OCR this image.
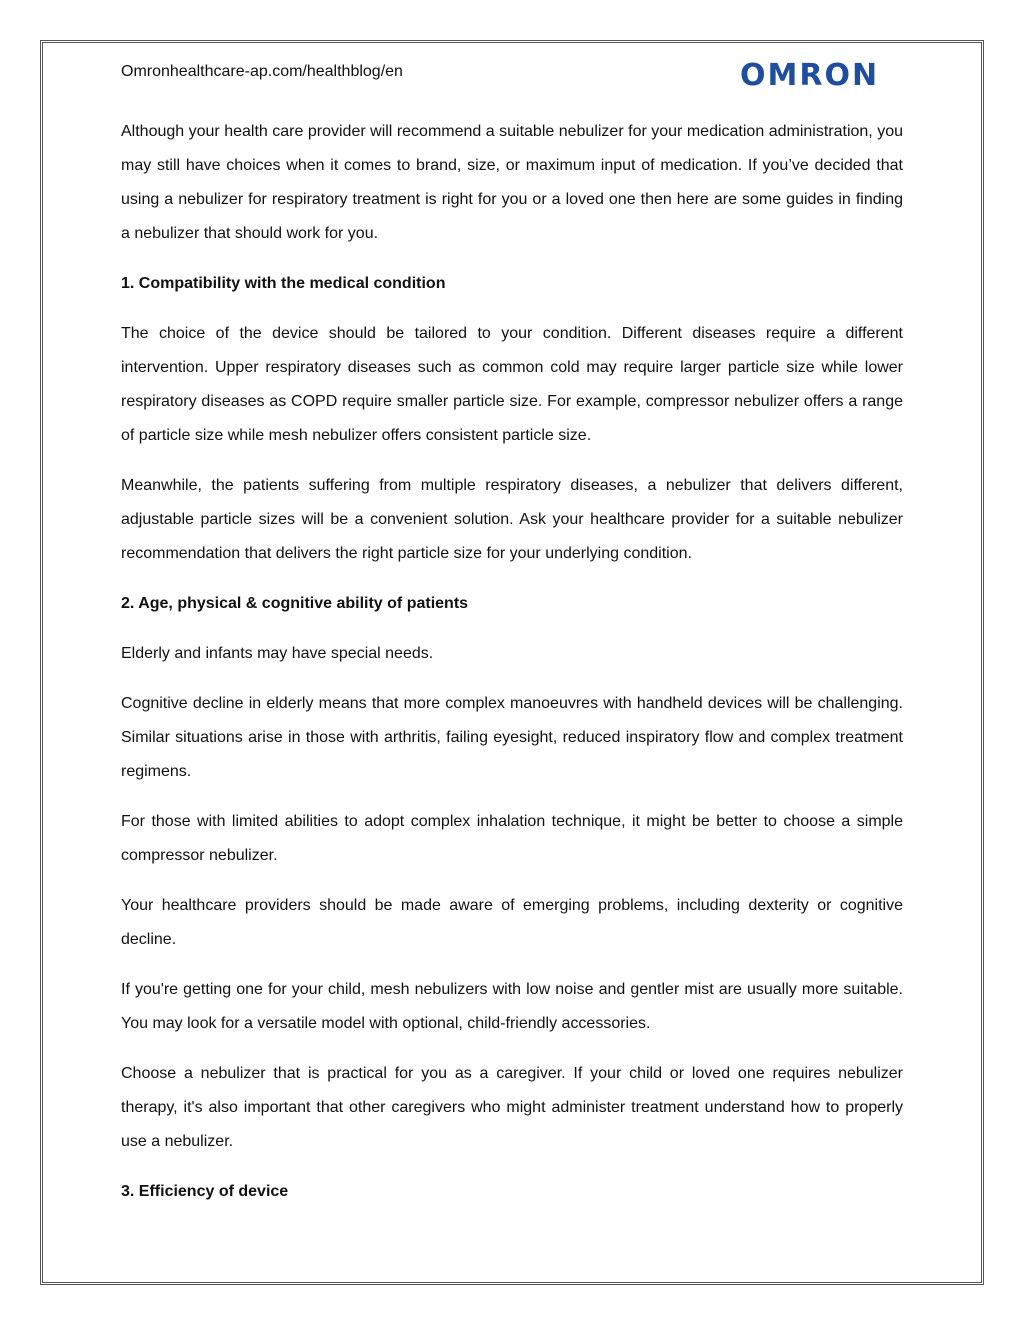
Omronhealthcare-ap.com/healthblog/en	OMRON

Although your health care provider will recommend a suitable nebulizer for your medication administration, you may still have choices when it comes to brand, size, or maximum input of medication. If you’ve decided that using a nebulizer for respiratory treatment is right for you or a loved one then here are some guides in finding a nebulizer that should work for you.

1. Compatibility with the medical condition

The choice of the device should be tailored to your condition. Different diseases require a different intervention. Upper respiratory diseases such as common cold may require larger particle size while lower respiratory diseases as COPD require smaller particle size. For example, compressor nebulizer offers a range of particle size while mesh nebulizer offers consistent particle size.

Meanwhile, the patients suffering from multiple respiratory diseases, a nebulizer that delivers different, adjustable particle sizes will be a convenient solution. Ask your healthcare provider for a suitable nebulizer recommendation that delivers the right particle size for your underlying condition.

2. Age, physical & cognitive ability of patients

Elderly and infants may have special needs.

Cognitive decline in elderly means that more complex manoeuvres with handheld devices will be challenging. Similar situations arise in those with arthritis, failing eyesight, reduced inspiratory flow and complex treatment regimens.

For those with limited abilities to adopt complex inhalation technique, it might be better to choose a simple compressor nebulizer.

Your healthcare providers should be made aware of emerging problems, including dexterity or cognitive decline.

If you're getting one for your child, mesh nebulizers with low noise and gentler mist are usually more suitable. You may look for a versatile model with optional, child-friendly accessories.

Choose a nebulizer that is practical for you as a caregiver. If your child or loved one requires nebulizer therapy, it's also important that other caregivers who might administer treatment understand how to properly use a nebulizer.

3. Efficiency of device
